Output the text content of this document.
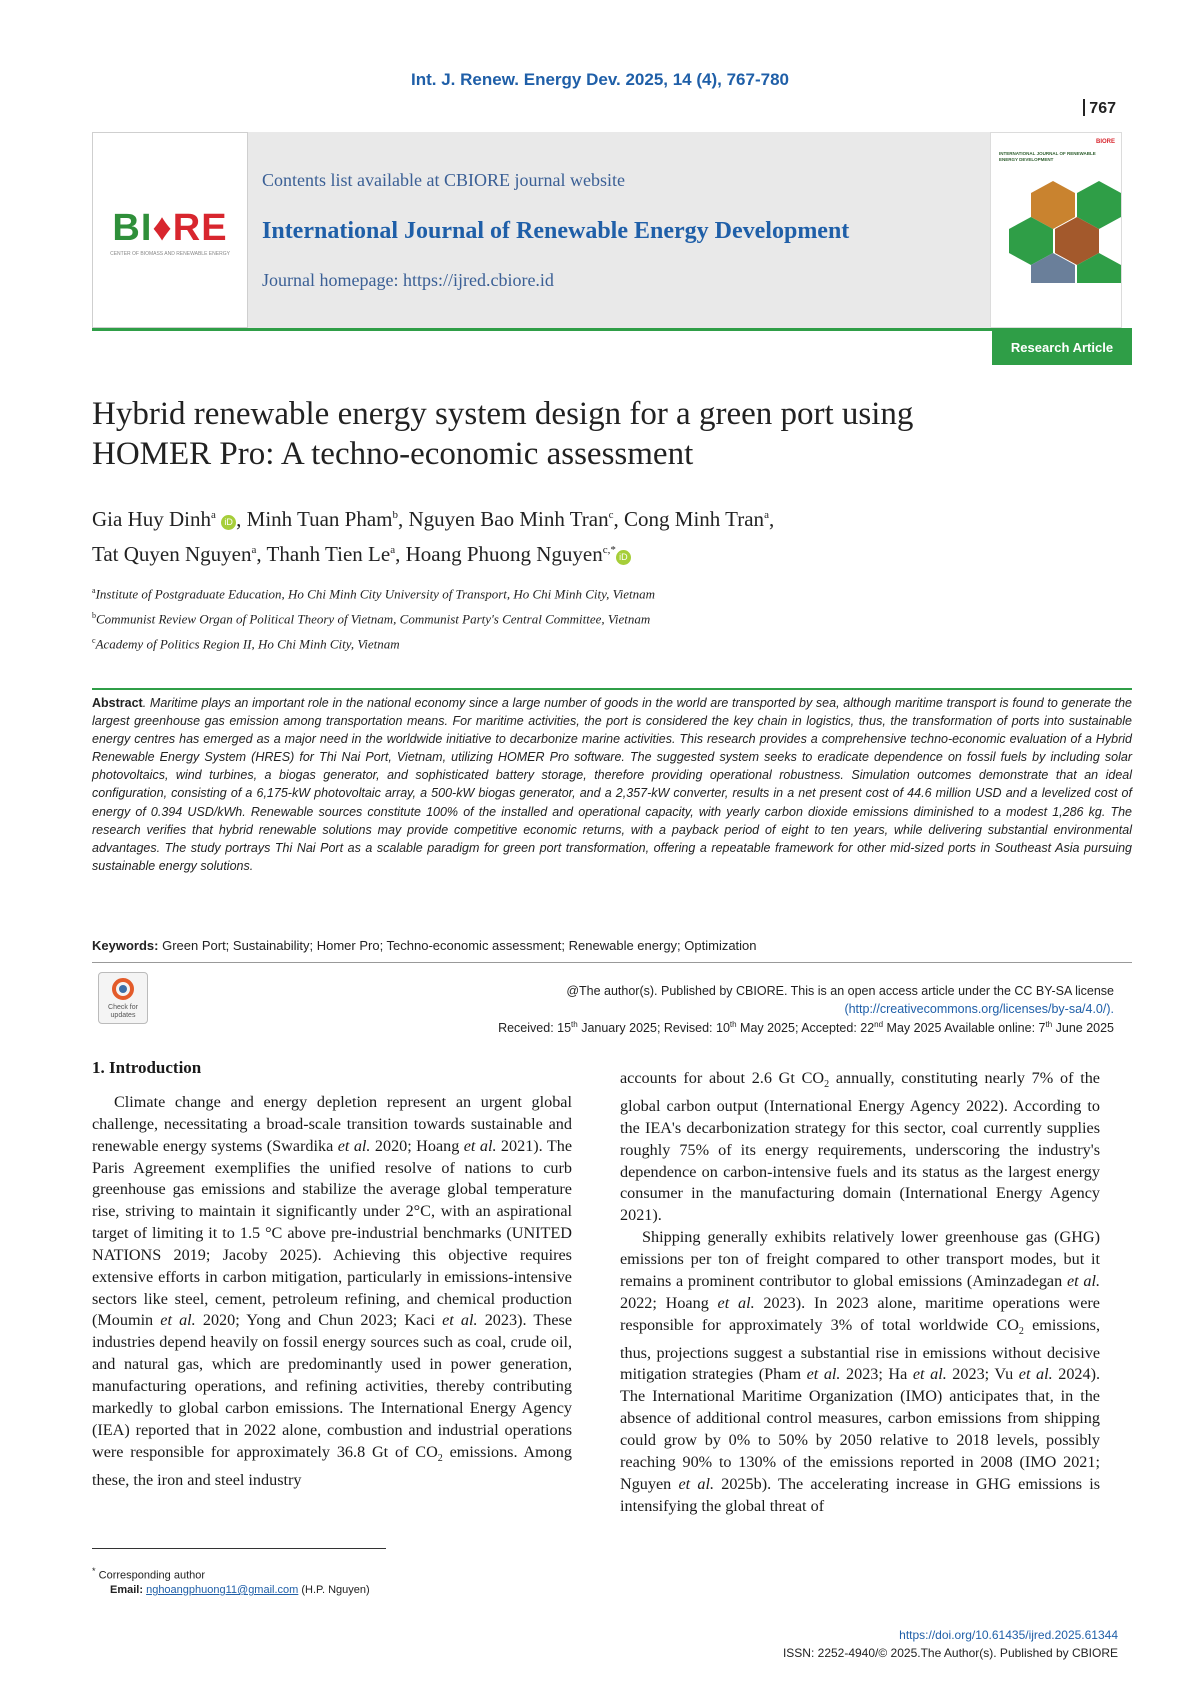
Int. J. Renew. Energy Dev. 2025, 14 (4), 767-780
767
BI♦RE
CENTER OF BIOMASS AND RENEWABLE ENERGY
Contents list available at CBIORE journal website
International Journal of Renewable Energy Development
Journal homepage: https://ijred.cbiore.id
BIORE
INTERNATIONAL JOURNAL OF RENEWABLE ENERGY DEVELOPMENT
Research Article
Hybrid renewable energy system design for a green port using
HOMER Pro: A techno-economic assessment
Gia Huy Dinh$^a$ iD , Minh Tuan Pham$^b$, Nguyen Bao Minh Tran$^c$, Cong Minh Tran$^a$,
Tat Quyen Nguyen$^a$, Thanh Tien Le$^a$, Hoang Phuong Nguyen$^{c,*}$iD
$^a$Institute of Postgraduate Education, Ho Chi Minh City University of Transport, Ho Chi Minh City, Vietnam
$^b$Communist Review Organ of Political Theory of Vietnam, Communist Party's Central Committee, Vietnam
$^c$Academy of Politics Region II, Ho Chi Minh City, Vietnam
Abstract. Maritime plays an important role in the national economy since a large number of goods in the world are transported by sea, although maritime transport is found to generate the largest greenhouse gas emission among transportation means. For maritime activities, the port is considered the key chain in logistics, thus, the transformation of ports into sustainable energy centres has emerged as a major need in the worldwide initiative to decarbonize marine activities. This research provides a comprehensive techno-economic evaluation of a Hybrid Renewable Energy System (HRES) for Thi Nai Port, Vietnam, utilizing HOMER Pro software. The suggested system seeks to eradicate dependence on fossil fuels by including solar photovoltaics, wind turbines, a biogas generator, and sophisticated battery storage, therefore providing operational robustness. Simulation outcomes demonstrate that an ideal configuration, consisting of a 6,175-kW photovoltaic array, a 500-kW biogas generator, and a 2,357-kW converter, results in a net present cost of 44.6 million USD and a levelized cost of energy of 0.394 USD/kWh. Renewable sources constitute 100% of the installed and operational capacity, with yearly carbon dioxide emissions diminished to a modest 1,286 kg. The research verifies that hybrid renewable solutions may provide competitive economic returns, with a payback period of eight to ten years, while delivering substantial environmental advantages. The study portrays Thi Nai Port as a scalable paradigm for green port transformation, offering a repeatable framework for other mid-sized ports in Southeast Asia pursuing sustainable energy solutions.
Keywords: Green Port; Sustainability; Homer Pro; Techno-economic assessment; Renewable energy; Optimization
Check for updates
@The author(s). Published by CBIORE. This is an open access article under the CC BY-SA license
(http://creativecommons.org/licenses/by-sa/4.0/).
Received: 15th January 2025; Revised: 10th May 2025; Accepted: 22nd May 2025 Available online: 7th June 2025
1. Introduction

Climate change and energy depletion represent an urgent global challenge, necessitating a broad-scale transition towards sustainable and renewable energy systems (Swardika et al. 2020; Hoang et al. 2021). The Paris Agreement exemplifies the unified resolve of nations to curb greenhouse gas emissions and stabilize the average global temperature rise, striving to maintain it significantly under 2°C, with an aspirational target of limiting it to 1.5 °C above pre-industrial benchmarks (UNITED NATIONS 2019; Jacoby 2025). Achieving this objective requires extensive efforts in carbon mitigation, particularly in emissions-intensive sectors like steel, cement, petroleum refining, and chemical production (Moumin et al. 2020; Yong and Chun 2023; Kaci et al. 2023). These industries depend heavily on fossil energy sources such as coal, crude oil, and natural gas, which are predominantly used in power generation, manufacturing operations, and refining activities, thereby contributing markedly to global carbon emissions. The International Energy Agency (IEA) reported that in 2022 alone, combustion and industrial operations were responsible for approximately 36.8 Gt of $CO_2$ emissions. Among these, the iron and steel industry

accounts for about 2.6 Gt $CO_2$ annually, constituting nearly 7% of the global carbon output (International Energy Agency 2022). According to the IEA's decarbonization strategy for this sector, coal currently supplies roughly 75% of its energy requirements, underscoring the industry's dependence on carbon-intensive fuels and its status as the largest energy consumer in the manufacturing domain (International Energy Agency 2021).

Shipping generally exhibits relatively lower greenhouse gas (GHG) emissions per ton of freight compared to other transport modes, but it remains a prominent contributor to global emissions (Aminzadegan et al. 2022; Hoang et al. 2023). In 2023 alone, maritime operations were responsible for approximately 3% of total worldwide $CO_2$ emissions, thus, projections suggest a substantial rise in emissions without decisive mitigation strategies (Pham et al. 2023; Ha et al. 2023; Vu et al. 2024). The International Maritime Organization (IMO) anticipates that, in the absence of additional control measures, carbon emissions from shipping could grow by 0% to 50% by 2050 relative to 2018 levels, possibly reaching 90% to 130% of the emissions reported in 2008 (IMO 2021; Nguyen et al. 2025b). The accelerating increase in GHG emissions is intensifying the global threat of

* Corresponding author
Email: nghoangphuong11@gmail.com (H.P. Nguyen)
https://doi.org/10.61435/ijred.2025.61344
ISSN: 2252-4940/© 2025.The Author(s). Published by CBIORE
